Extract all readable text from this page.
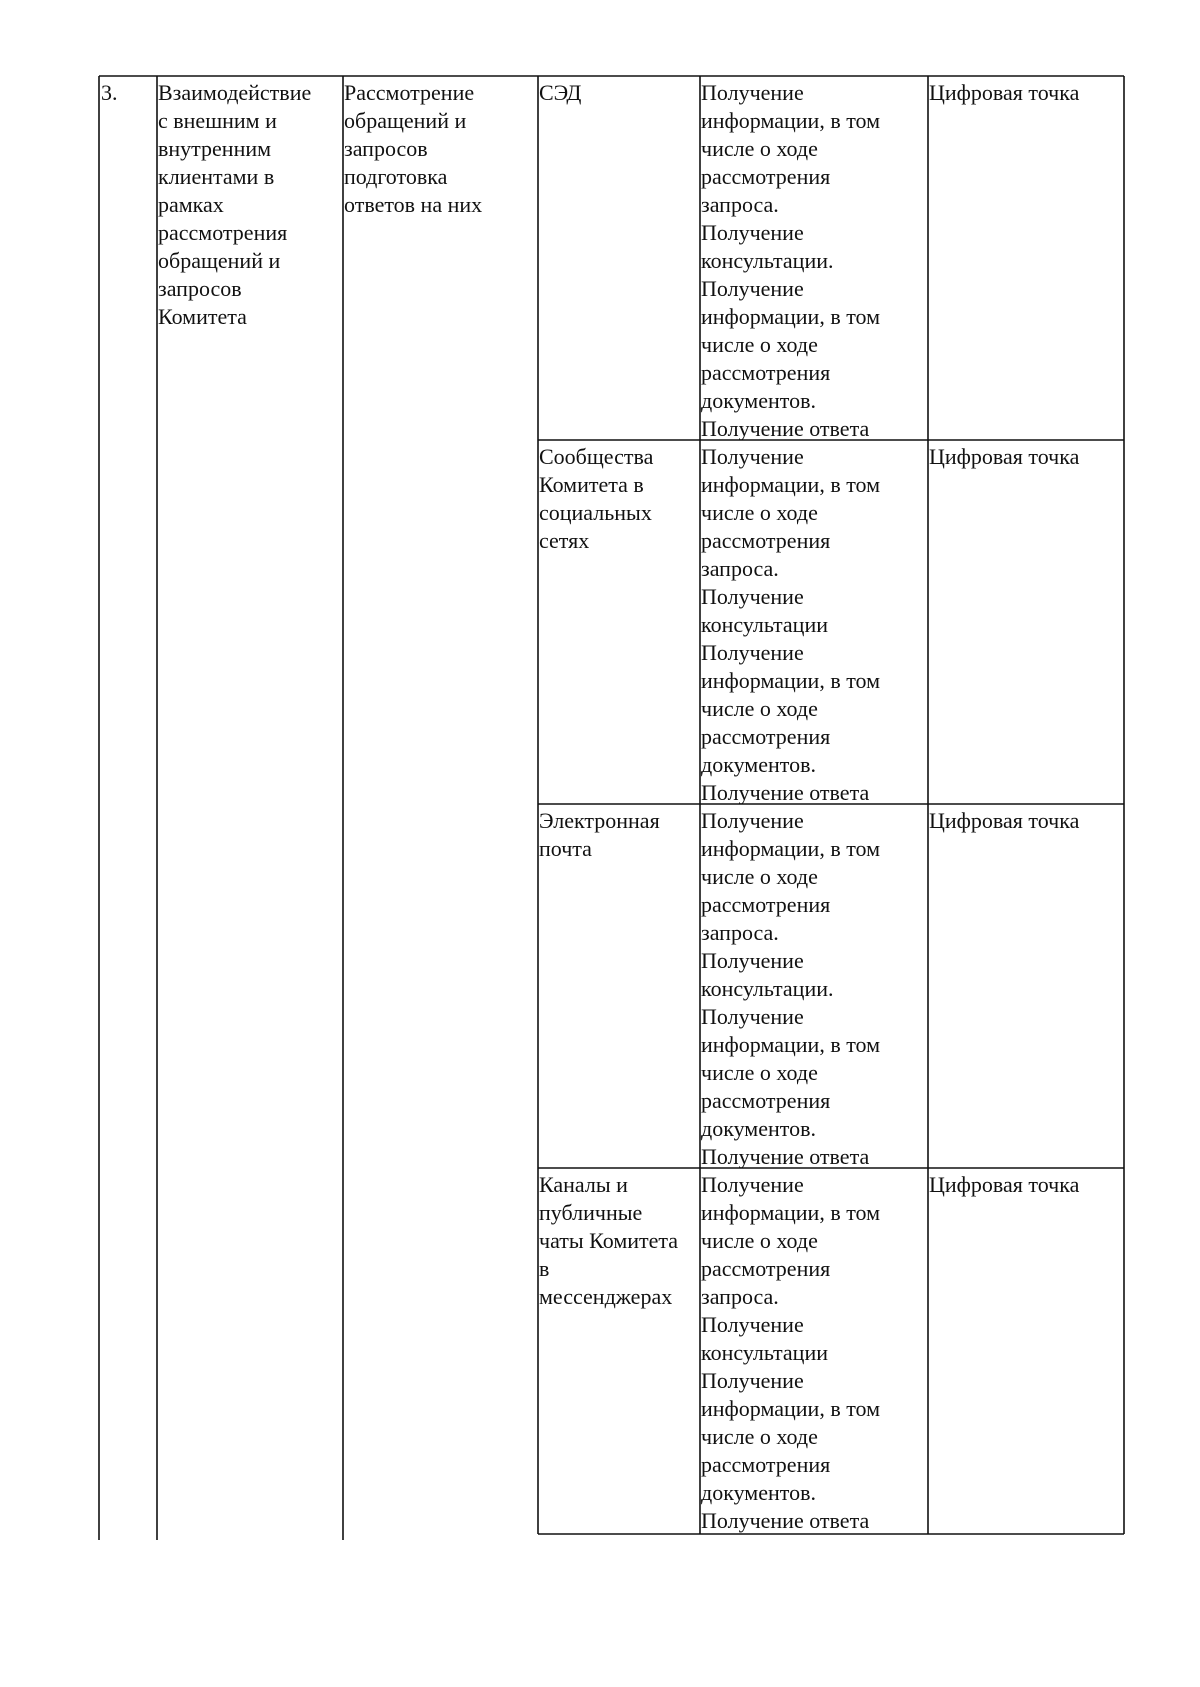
3. Взаимодействие
с внешним и
внутренним
клиентами в
рамках
рассмотрения
обращений и
запросов
Комитета

Рассмотрение
обращений и
запросов
подготовка
ответов на них

СЭД	Получение
информации, в том
числе о ходе
рассмотрения
запроса.
Получение
консультации.
Получение
информации, в том
числе о ходе
рассмотрения
документов.
Получение ответа

Цифровая точка

Сообщества
Комитета в
социальных
сетях

Получение
информации, в том
числе о ходе
рассмотрения
запроса.
Получение
консультации
Получение
информации, в том
числе о ходе
рассмотрения
документов.
Получение ответа

Цифровая точка

Электронная
почта

Получение
информации, в том
числе о ходе
рассмотрения
запроса.
Получение
консультации.
Получение
информации, в том
числе о ходе
рассмотрения
документов.
Получение ответа

Цифровая точка

Каналы и
публичные
чаты Комитета
в
мессенджерах

Получение
информации, в том
числе о ходе
рассмотрения
запроса.
Получение
консультации
Получение
информации, в том
числе о ходе
рассмотрения
документов.
Получение ответа

Цифровая точка
